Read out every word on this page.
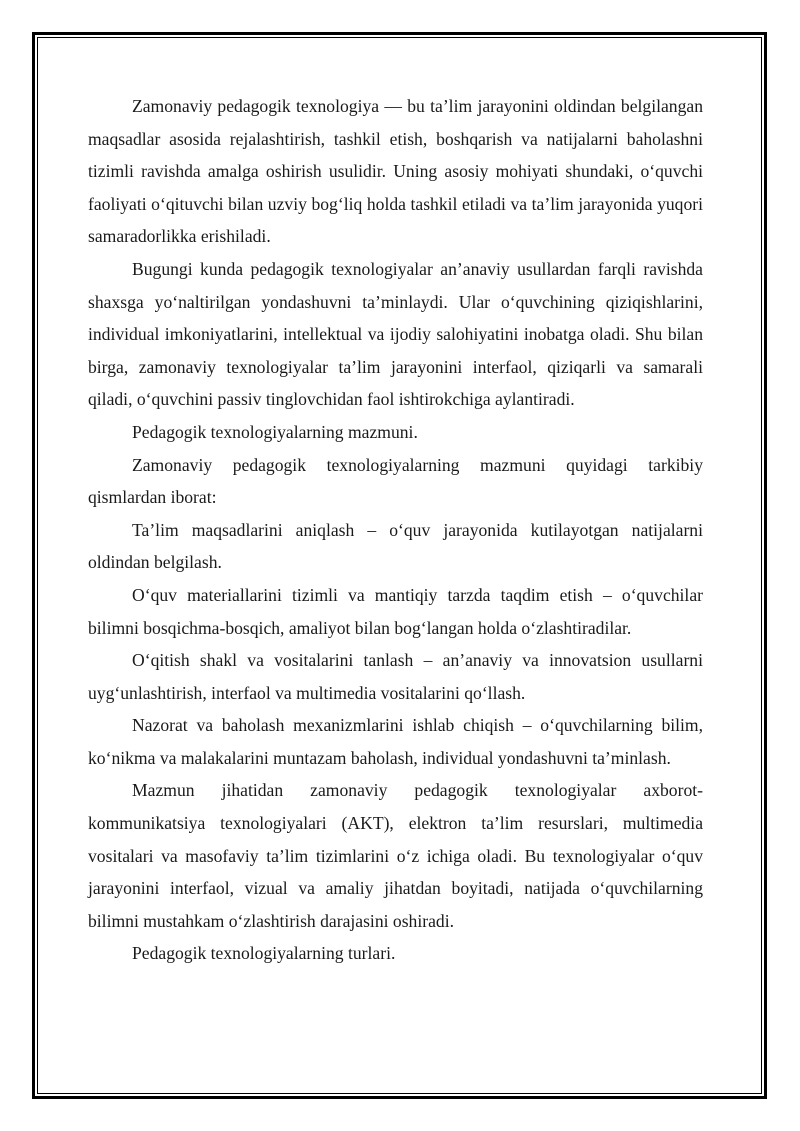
Zamonaviy pedagogik texnologiya — bu ta’lim jarayonini oldindan belgilangan maqsadlar asosida rejalashtirish, tashkil etish, boshqarish va natijalarni baholashni tizimli ravishda amalga oshirish usulidir. Uning asosiy mohiyati shundaki, o‘quvchi faoliyati o‘qituvchi bilan uzviy bog‘liq holda tashkil etiladi va ta’lim jarayonida yuqori samaradorlikka erishiladi.

Bugungi kunda pedagogik texnologiyalar an’anaviy usullardan farqli ravishda shaxsga yo‘naltirilgan yondashuvni ta’minlaydi. Ular o‘quvchining qiziqishlarini, individual imkoniyatlarini, intellektual va ijodiy salohiyatini inobatga oladi. Shu bilan birga, zamonaviy texnologiyalar ta’lim jarayonini interfaol, qiziqarli va samarali qiladi, o‘quvchini passiv tinglovchidan faol ishtirokchiga aylantiradi.

Pedagogik texnologiyalarning mazmuni.

Zamonaviy pedagogik texnologiyalarning mazmuni quyidagi tarkibiy qismlardan iborat:

Ta’lim maqsadlarini aniqlash – o‘quv jarayonida kutilayotgan natijalarni oldindan belgilash.

O‘quv materiallarini tizimli va mantiqiy tarzda taqdim etish – o‘quvchilar bilimni bosqichma-bosqich, amaliyot bilan bog‘langan holda o‘zlashtiradilar.

O‘qitish shakl va vositalarini tanlash – an’anaviy va innovatsion usullarni uyg‘unlashtirish, interfaol va multimedia vositalarini qo‘llash.

Nazorat va baholash mexanizmlarini ishlab chiqish – o‘quvchilarning bilim, ko‘nikma va malakalarini muntazam baholash, individual yondashuvni ta’minlash.

Mazmun jihatidan zamonaviy pedagogik texnologiyalar axborot-kommunikatsiya texnologiyalari (AKT), elektron ta’lim resurslari, multimedia vositalari va masofaviy ta’lim tizimlarini o‘z ichiga oladi. Bu texnologiyalar o‘quv jarayonini interfaol, vizual va amaliy jihatdan boyitadi, natijada o‘quvchilarning bilimni mustahkam o‘zlashtirish darajasini oshiradi.

Pedagogik texnologiyalarning turlari.
